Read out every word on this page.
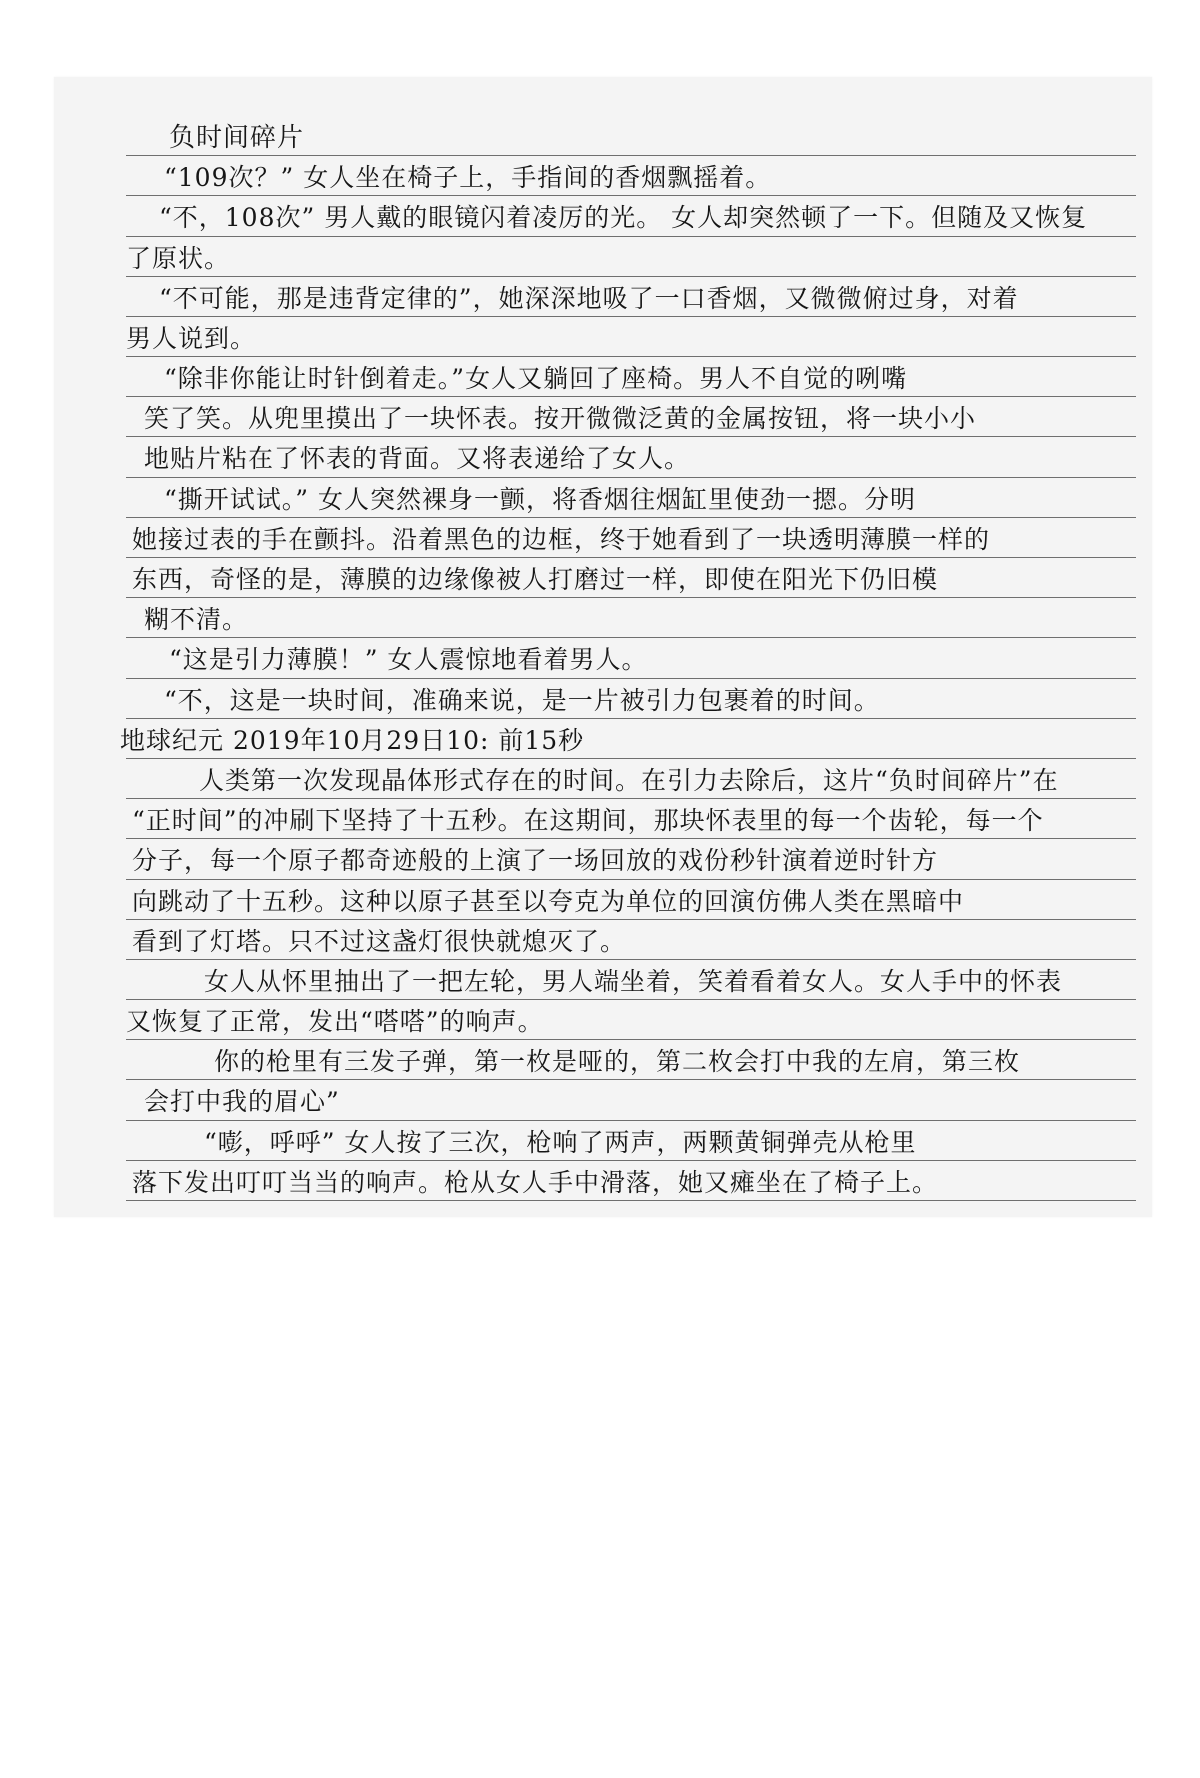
负时间碎片
“109次？” 女人坐在椅子上，手指间的香烟飘摇着。
“不，108次” 男人戴的眼镜闪着凌厉的光。 女人却突然顿了一下。但随及又恢复
了原状。
“不可能，那是违背定律的”，她深深地吸了一口香烟，又微微俯过身，对着
男人说到。
“除非你能让时针倒着走。”女人又躺回了座椅。男人不自觉的咧嘴
笑了笑。从兜里摸出了一块怀表。按开微微泛黄的金属按钮，将一块小小
地贴片粘在了怀表的背面。又将表递给了女人。
“撕开试试。” 女人突然裸身一颤，将香烟往烟缸里使劲一摁。分明
她接过表的手在颤抖。沿着黑色的边框，终于她看到了一块透明薄膜一样的
东西，奇怪的是，薄膜的边缘像被人打磨过一样，即使在阳光下仍旧模
糊不清。
“这是引力薄膜！” 女人震惊地看着男人。
“不，这是一块时间，准确来说，是一片被引力包裹着的时间。
地球纪元 2019年10月29日10: 前15秒
人类第一次发现晶体形式存在的时间。在引力去除后，这片“负时间碎片”在
“正时间”的冲刷下坚持了十五秒。在这期间，那块怀表里的每一个齿轮，每一个
分子，每一个原子都奇迹般的上演了一场回放的戏份秒针演着逆时针方
向跳动了十五秒。这种以原子甚至以夸克为单位的回演仿佛人类在黑暗中
看到了灯塔。只不过这盏灯很快就熄灭了。
女人从怀里抽出了一把左轮，男人端坐着，笑着看着女人。女人手中的怀表
又恢复了正常，发出“嗒嗒”的响声。
你的枪里有三发子弹，第一枚是哑的，第二枚会打中我的左肩，第三枚
会打中我的眉心”
“嘭，呼呼” 女人按了三次，枪响了两声，两颗黄铜弹壳从枪里
落下发出叮叮当当的响声。枪从女人手中滑落，她又瘫坐在了椅子上。
